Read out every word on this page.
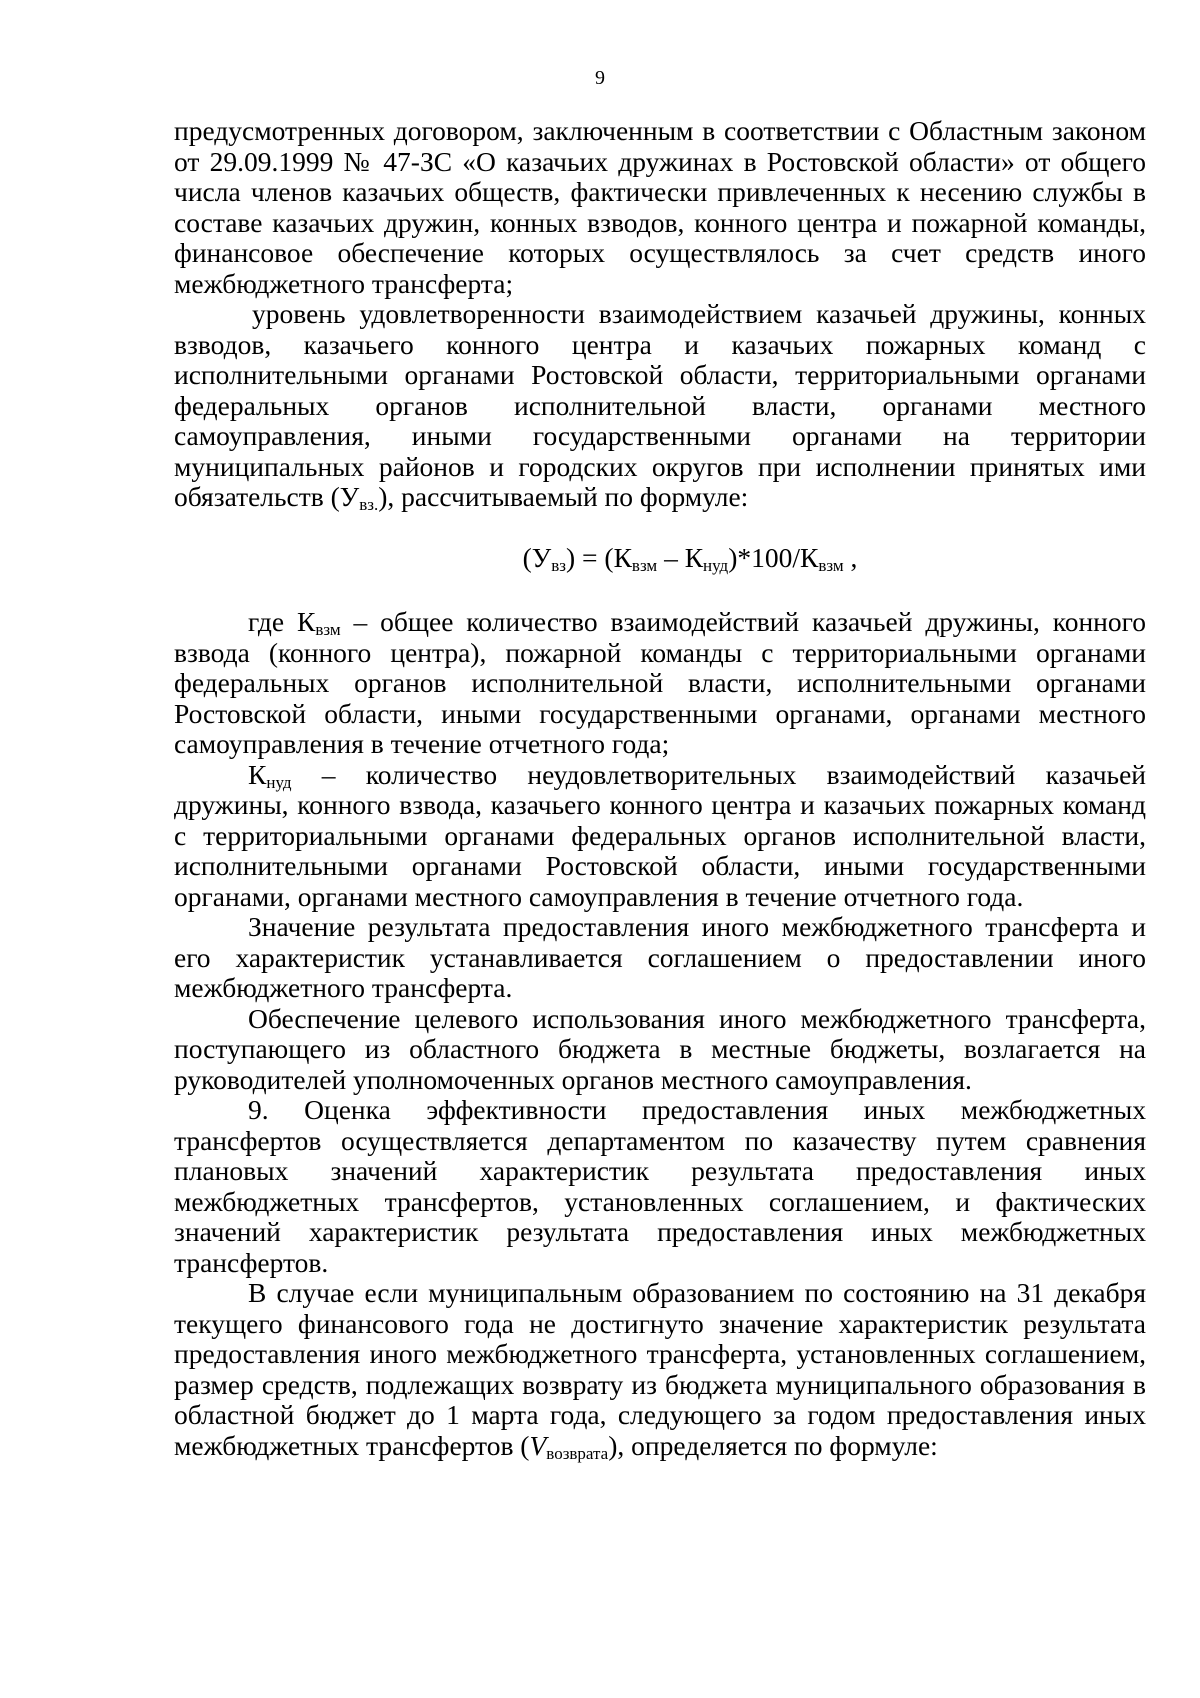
9

предусмотренных договором, заключенным в соответствии с Областным законом от 29.09.1999 № 47-ЗС «О казачьих дружинах в Ростовской области» от общего числа членов казачьих обществ, фактически привлеченных к несению службы в составе казачьих дружин, конных взводов, конного центра и пожарной команды, финансовое обеспечение которых осуществлялось за счет средств иного межбюджетного трансферта;

уровень удовлетворенности взаимодействием казачьей дружины, конных взводов, казачьего конного центра и казачьих пожарных команд с исполнительными органами Ростовской области, территориальными органами федеральных органов исполнительной власти, органами местного самоуправления, иными государственными органами на территории муниципальных районов и городских округов при исполнении принятых ими обязательств $(У_{вз.})$, рассчитываемый по формуле:

$(У_{вз}) = (К_{взм} - К_{нуд})*100/К_{взм}$ ,

где $К_{взм}$ – общее количество взаимодействий казачьей дружины, конного взвода (конного центра), пожарной команды с территориальными органами федеральных органов исполнительной власти, исполнительными органами Ростовской области, иными государственными органами, органами местного самоуправления в течение отчетного года;

$К_{нуд}$ – количество неудовлетворительных взаимодействий казачьей дружины, конного взвода, казачьего конного центра и казачьих пожарных команд с территориальными органами федеральных органов исполнительной власти, исполнительными органами Ростовской области, иными государственными органами, органами местного самоуправления в течение отчетного года.

Значение результата предоставления иного межбюджетного трансферта и его характеристик устанавливается соглашением о предоставлении иного межбюджетного трансферта.

Обеспечение целевого использования иного межбюджетного трансферта, поступающего из областного бюджета в местные бюджеты, возлагается на руководителей уполномоченных органов местного самоуправления.

9. Оценка эффективности предоставления иных межбюджетных трансфертов осуществляется департаментом по казачеству путем сравнения плановых значений характеристик результата предоставления иных межбюджетных трансфертов, установленных соглашением, и фактических значений характеристик результата предоставления иных межбюджетных трансфертов.

В случае если муниципальным образованием по состоянию на 31 декабря текущего финансового года не достигнуто значение характеристик результата предоставления иного межбюджетного трансферта, установленных соглашением, размер средств, подлежащих возврату из бюджета муниципального образования в областной бюджет до 1 марта года, следующего за годом предоставления иных межбюджетных трансфертов $(V_{возврата})$, определяется по формуле:
